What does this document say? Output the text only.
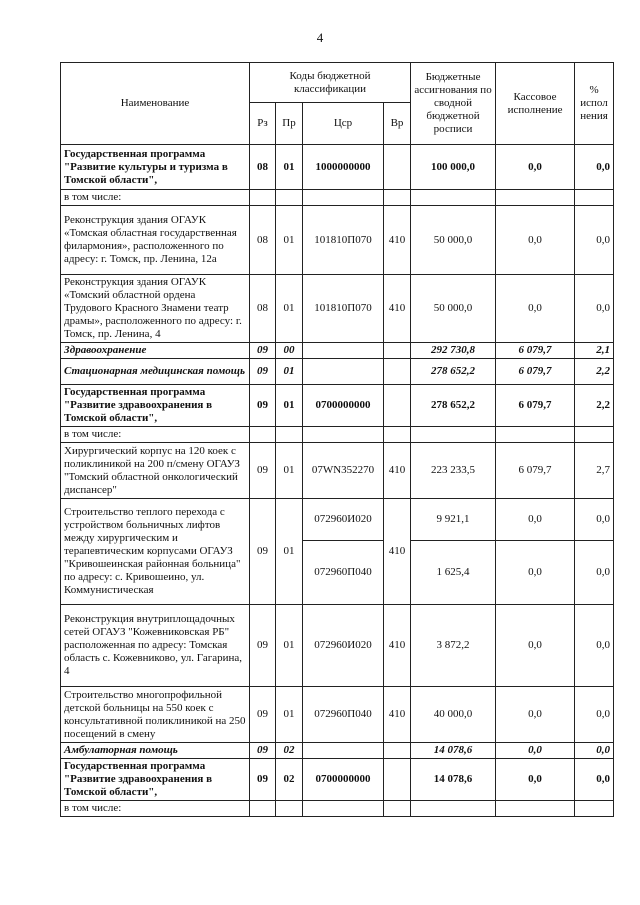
4
Наименование	Коды бюджетной классификации				Бюджетные ассигнования по сводной бюджетной росписи	Кассовое исполнение	% испол нения
	Рз	Пр	Цср	Вр			
Государственная программа "Развитие культуры и туризма в Томской области",	08	01	1000000000		100 000,0	0,0	0,0
в том числе:							
Реконструкция здания ОГАУК «Томская областная государственная филармония», расположенного по адресу: г. Томск, пр. Ленина, 12а	08	01	101810П070	410	50 000,0	0,0	0,0
Реконструкция здания ОГАУК «Томский областной ордена Трудового Красного Знамени театр драмы», расположенного по адресу: г. Томск, пр. Ленина, 4	08	01	101810П070	410	50 000,0	0,0	0,0
Здравоохранение	09	00			292 730,8	6 079,7	2,1
Стационарная медицинская помощь	09	01			278 652,2	6 079,7	2,2
Государственная программа "Развитие здравоохранения в Томской области",	09	01	0700000000		278 652,2	6 079,7	2,2
в том числе:							
Хирургический корпус на 120 коек с поликлиникой на 200 п/смену ОГАУЗ "Томский областной онкологический диспансер"	09	01	07WN352270	410	223 233,5	6 079,7	2,7
Строительство теплого перехода с устройством больничных лифтов между хирургическим и терапевтическим корпусами ОГАУЗ "Кривошеинская районная больница" по адресу: с. Кривошеино, ул. Коммунистическая	09	01	072960И020	410	9 921,1	0,0	0,0
			072960П040		1 625,4	0,0	0,0
Реконструкция внутриплощадочных сетей ОГАУЗ "Кожевниковская РБ" расположенная по адресу: Томская область с. Кожевниково, ул. Гагарина, 4	09	01	072960И020	410	3 872,2	0,0	0,0
Строительство многопрофильной детской больницы на 550 коек с консультативной поликлиникой на 250 посещений в смену	09	01	072960П040	410	40 000,0	0,0	0,0
Амбулаторная помощь	09	02			14 078,6	0,0	0,0
Государственная программа "Развитие здравоохранения в Томской области",	09	02	0700000000		14 078,6	0,0	0,0
в том числе:							
